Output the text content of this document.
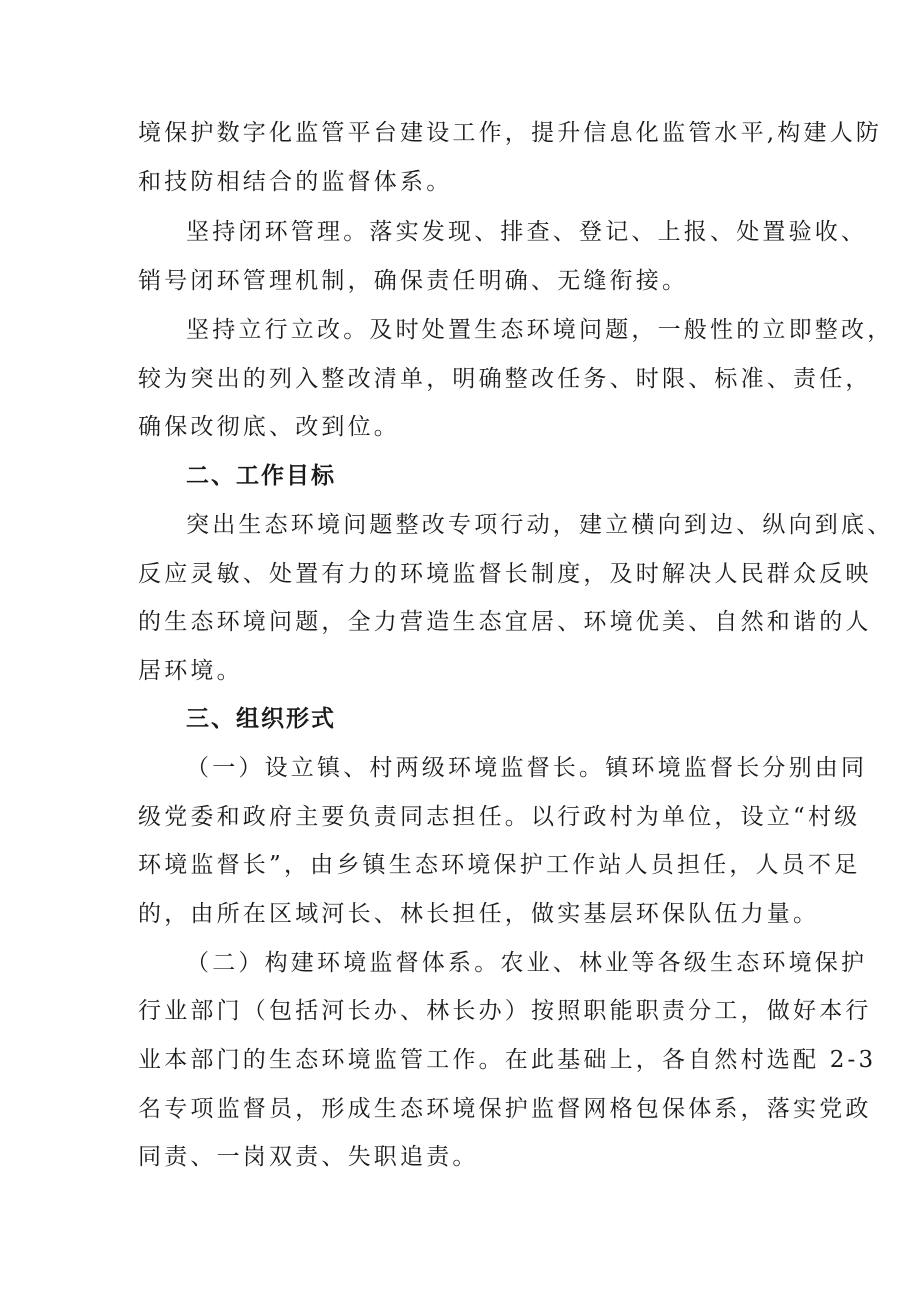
境保护数字化监管平台建设工作，提升信息化监管水平,构建人防
和技防相结合的监督体系。
坚持闭环管理。落实发现、排查、登记、上报、处置验收、
销号闭环管理机制，确保责任明确、无缝衔接。
坚持立行立改。及时处置生态环境问题，一般性的立即整改，
较为突出的列入整改清单，明确整改任务、时限、标准、责任，
确保改彻底、改到位。
二、工作目标
突出生态环境问题整改专项行动，建立横向到边、纵向到底、
反应灵敏、处置有力的环境监督长制度，及时解决人民群众反映
的生态环境问题，全力营造生态宜居、环境优美、自然和谐的人
居环境。
三、组织形式
（一）设立镇、村两级环境监督长。镇环境监督长分别由同
级党委和政府主要负责同志担任。以行政村为单位，设立“村级
环境监督长”，由乡镇生态环境保护工作站人员担任，人员不足
的，由所在区域河长、林长担任，做实基层环保队伍力量。
（二）构建环境监督体系。农业、林业等各级生态环境保护
行业部门（包括河长办、林长办）按照职能职责分工，做好本行
业本部门的生态环境监管工作。在此基础上，各自然村选配 2-3
名专项监督员，形成生态环境保护监督网格包保体系，落实党政
同责、一岗双责、失职追责。
